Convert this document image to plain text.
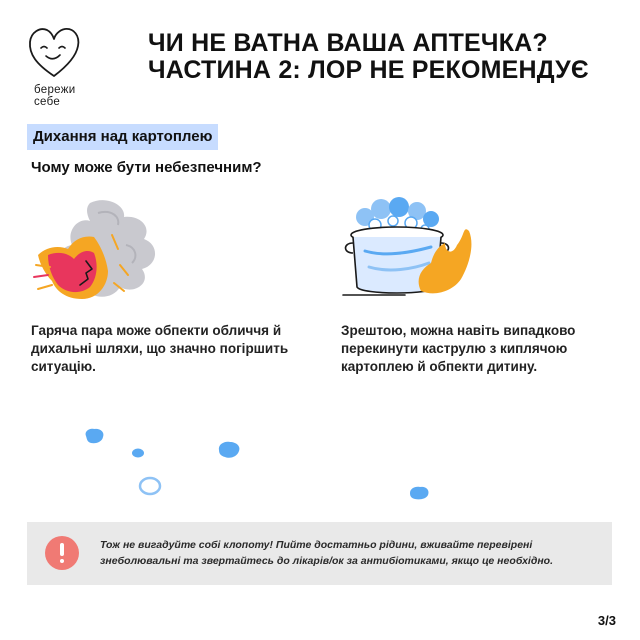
бережи
себе
ЧИ НЕ ВАТНА ВАША АПТЕЧКА?
ЧАСТИНА 2: ЛОР НЕ РЕКОМЕНДУЄ
Дихання над картоплею
Чому може бути небезпечним?
Гаряча пара може обпекти обличчя й дихальні шляхи, що значно погіршить ситуацію.
Зрештою, можна навіть випадково перекинути каструлю з киплячою картоплею й обпекти дитину.
Тож не вигадуйте собі клопоту! Пийте достатньо рідини, вживайте перевірені знеболювальні та звертайтесь до лікарів/ок за антибіотиками, якщо це необхідно.
3/3
